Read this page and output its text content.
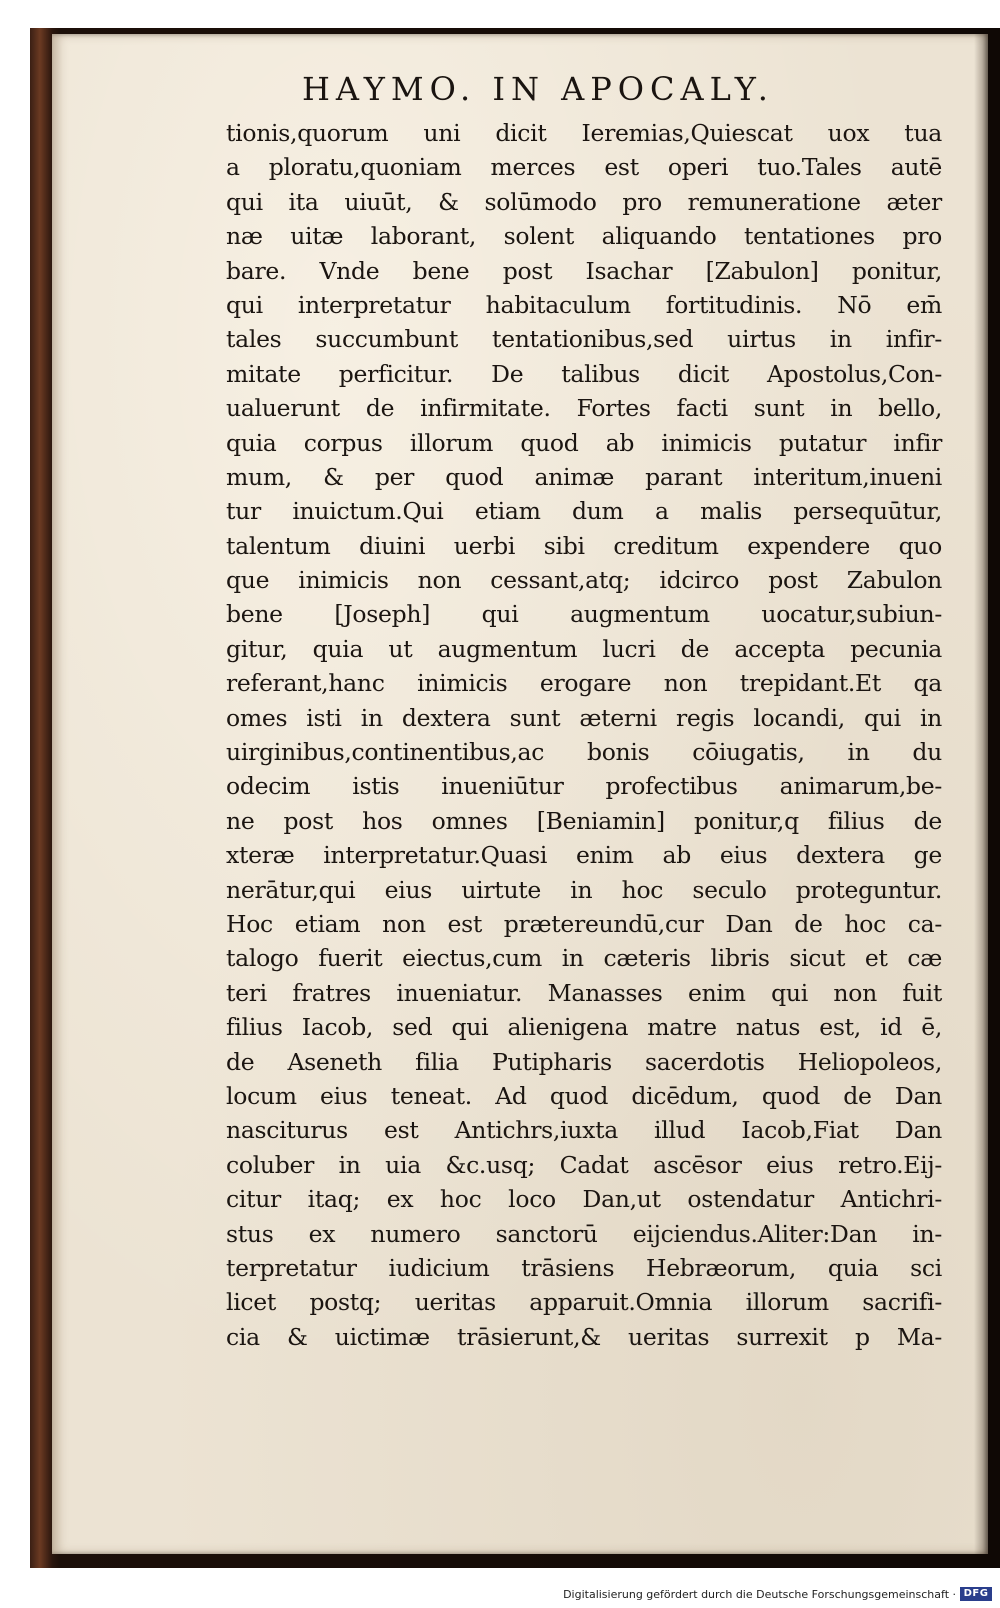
HAYMO. IN APOCALY.
tionis,quorum uni dicit Ieremias,Quiescat uox tua
a ploratu,quoniam merces est operi tuo.Tales autē
qui ita uiuūt, & solūmodo pro remuneratione æter
næ uitæ laborant, solent aliquando tentationes pro
bare. Vnde bene post Isachar [Zabulon] ponitur,
qui interpretatur habitaculum fortitudinis. Nō em̄
tales succumbunt tentationibus,sed uirtus in infir-
mitate perficitur. De talibus dicit Apostolus,Con-
ualuerunt de infirmitate. Fortes facti sunt in bello,
quia corpus illorum quod ab inimicis putatur infir
mum, & per quod animæ parant interitum,inueni
tur inuictum.Qui etiam dum a malis persequūtur,
talentum diuini uerbi sibi creditum expendere quo
que inimicis non cessant,atq; idcirco post Zabulon
bene [Joseph] qui augmentum uocatur,subiun-
gitur, quia ut augmentum lucri de accepta pecunia
referant,hanc inimicis erogare non trepidant.Et qa
omes isti in dextera sunt æterni regis locandi, qui in
uirginibus,continentibus,ac bonis cōiugatis, in du
odecim istis inueniūtur profectibus animarum,be-
ne post hos omnes [Beniamin] ponitur,q filius de
xteræ interpretatur.Quasi enim ab eius dextera ge
nerātur,qui eius uirtute in hoc seculo proteguntur.
Hoc etiam non est prætereundū,cur Dan de hoc ca-
talogo fuerit eiectus,cum in cæteris libris sicut et cæ
teri fratres inueniatur. Manasses enim qui non fuit
filius Iacob, sed qui alienigena matre natus est, id ē,
de Aseneth filia Putipharis sacerdotis Heliopoleos,
locum eius teneat. Ad quod dicēdum, quod de Dan
nasciturus est Antichrs,iuxta illud Iacob,Fiat Dan
coluber in uia &c.usq; Cadat ascēsor eius retro.Eij-
citur itaq; ex hoc loco Dan,ut ostendatur Antichri-
stus ex numero sanctorū eijciendus.Aliter:Dan in-
terpretatur iudicium trāsiens Hebræorum, quia sci
licet postq; ueritas apparuit.Omnia illorum sacrifi-
cia & uictimæ trāsierunt,& ueritas surrexit p Ma-
Digitalisierung gefördert durch die Deutsche Forschungsgemeinschaft · DFG
